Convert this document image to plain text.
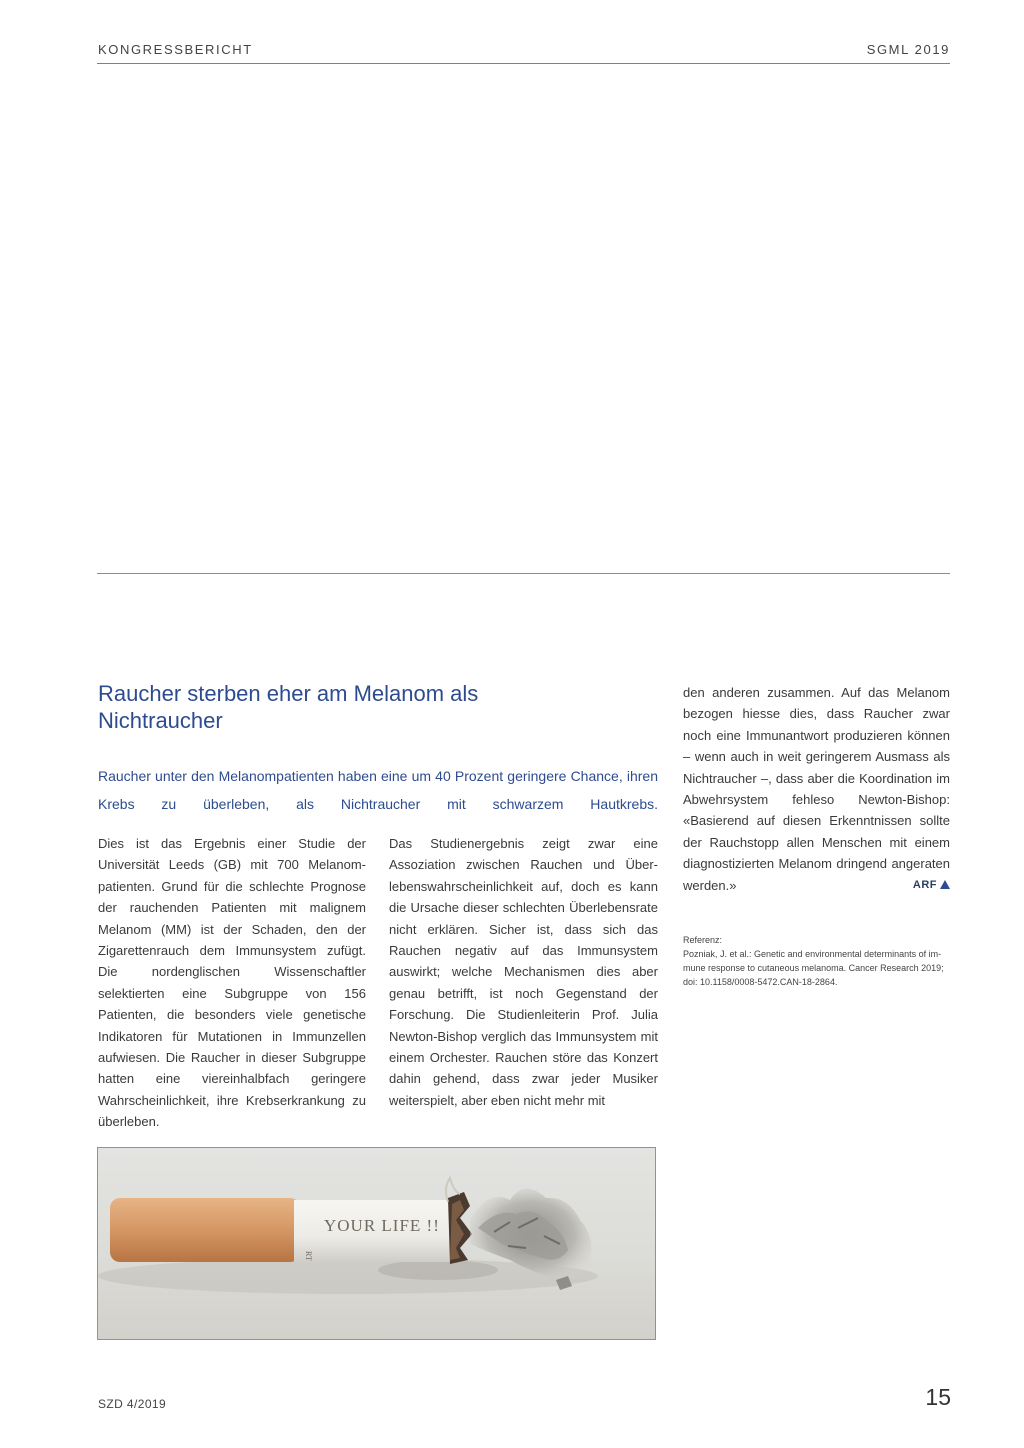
KONGRESSBERICHT	SGML 2019
Raucher sterben eher am Melanom als Nichtraucher

Raucher unter den Melanompatienten haben eine um 40 Prozent geringere Chance, ihren Krebs zu überleben, als Nichtraucher mit schwarzem Hautkrebs.

Dies ist das Ergebnis einer Studie der Universität Leeds (GB) mit 700 Melanompatienten. Grund für die schlechte Prognose der rauchenden Patienten mit malignem Melanom (MM) ist der Schaden, den der Zigarettenrauch dem Immunsystem zufügt. Die nordenglischen Wissenschaftler selektierten eine Subgruppe von 156 Patienten, die besonders viele genetische Indikatoren für Mutationen in Immunzellen aufwiesen. Die Raucher in dieser Subgruppe hatten eine viereinhalbfach geringere Wahrscheinlichkeit, ihre Krebserkrankung zu überleben.

Das Studienergebnis zeigt zwar eine Assoziation zwischen Rauchen und Überlebenswahrscheinlichkeit auf, doch es kann die Ursache dieser schlechten Überlebensrate nicht erklären. Sicher ist, dass sich das Rauchen negativ auf das Immunsystem auswirkt; welche Mechanismen dies aber genau betrifft, ist noch Gegenstand der Forschung. Die Studienleiterin Prof. Julia Newton-Bishop verglich das Immunsystem mit einem Orchester. Rauchen störe das Konzert dahin gehend, dass zwar jeder Musiker weiterspielt, aber eben nicht mehr mit

den anderen zusammen. Auf das Melanom bezogen hiesse dies, dass Raucher zwar noch eine Immunantwort produzieren können – wenn auch in weit geringerem Ausmass als Nichtraucher –, dass aber die Koordination im Abwehrsystem fehleso Newton-Bishop: «Basierend auf diesen Erkenntnissen sollte der Rauchstopp allen Menschen mit einem diagnostizierten Melanom dringend angeraten werden.»	ARF

Referenz:
Pozniak, J. et al.: Genetic and environmental determinants of immune response to cutaneous melanoma. Cancer Research 2019; doi: 10.1158/0008-5472.CAN-18-2864.
YOUR LIFE !!
RT
SZD 4/2019	15
